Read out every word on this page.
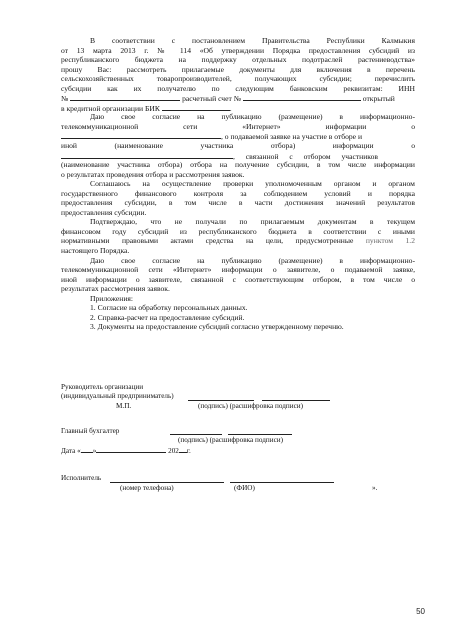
В соответствии с постановлением Правительства Республики Калмыкия
от 13 марта 2013 г. № 114 «Об утверждении Порядка предоставления субсидий из
республиканского бюджета на поддержку отдельных подотраслей растениеводства»
прошу Вас: рассмотреть прилагаемые документы для включения в перечень
сельскохозяйственных товаропроизводителей, получающих субсидии; перечислить
субсидии как их получателю по следующим банковским реквизитам: ИНН
№	расчетный счет №	открытый
в кредитной организации БИК	.
Даю свое согласие на публикацию (размещение) в информационно-
телекоммуникационной сети «Интернет» информации о
, о подаваемой заявке на участие в отборе и
иной (наименование участника отбора) информации о
, связанной с отбором участников
(наименование участника отбора) отбора на получение субсидии, в том числе информации
о результатах проведения отбора и рассмотрения заявок.
Соглашаюсь на осуществление проверки уполномоченным органом и органом
государственного финансового контроля за соблюдением условий и порядка
предоставления субсидии, в том числе в части достижения значений результатов
предоставления субсидии.
Подтверждаю, что не получали по прилагаемым документам в текущем
финансовом году субсидий из республиканского бюджета в соответствии с иными
нормативными правовыми актами средства на цели, предусмотренные пунктом 1.2
настоящего Порядка.
Даю свое согласие на публикацию (размещение) в информационно-
телекоммуникационной сети «Интернет» информации о заявителе, о подаваемой заявке,
иной информации о заявителе, связанной с соответствующим отбором, в том числе о
результатах рассмотрения заявок.
Приложения:
1. Согласие на обработку персональных данных.
2. Справка-расчет на предоставление субсидий.
3. Документы на предоставление субсидий согласно утвержденному перечню.
Руководитель организации
(индивидуальный предприниматель)
М.П.	(подпись) (расшифровка подписи)
Главный бухгалтер
(подпись) (расшифровка подписи)
Дата « »	202 г.
Исполнитель
(номер телефона)	(ФИО)	».
50
